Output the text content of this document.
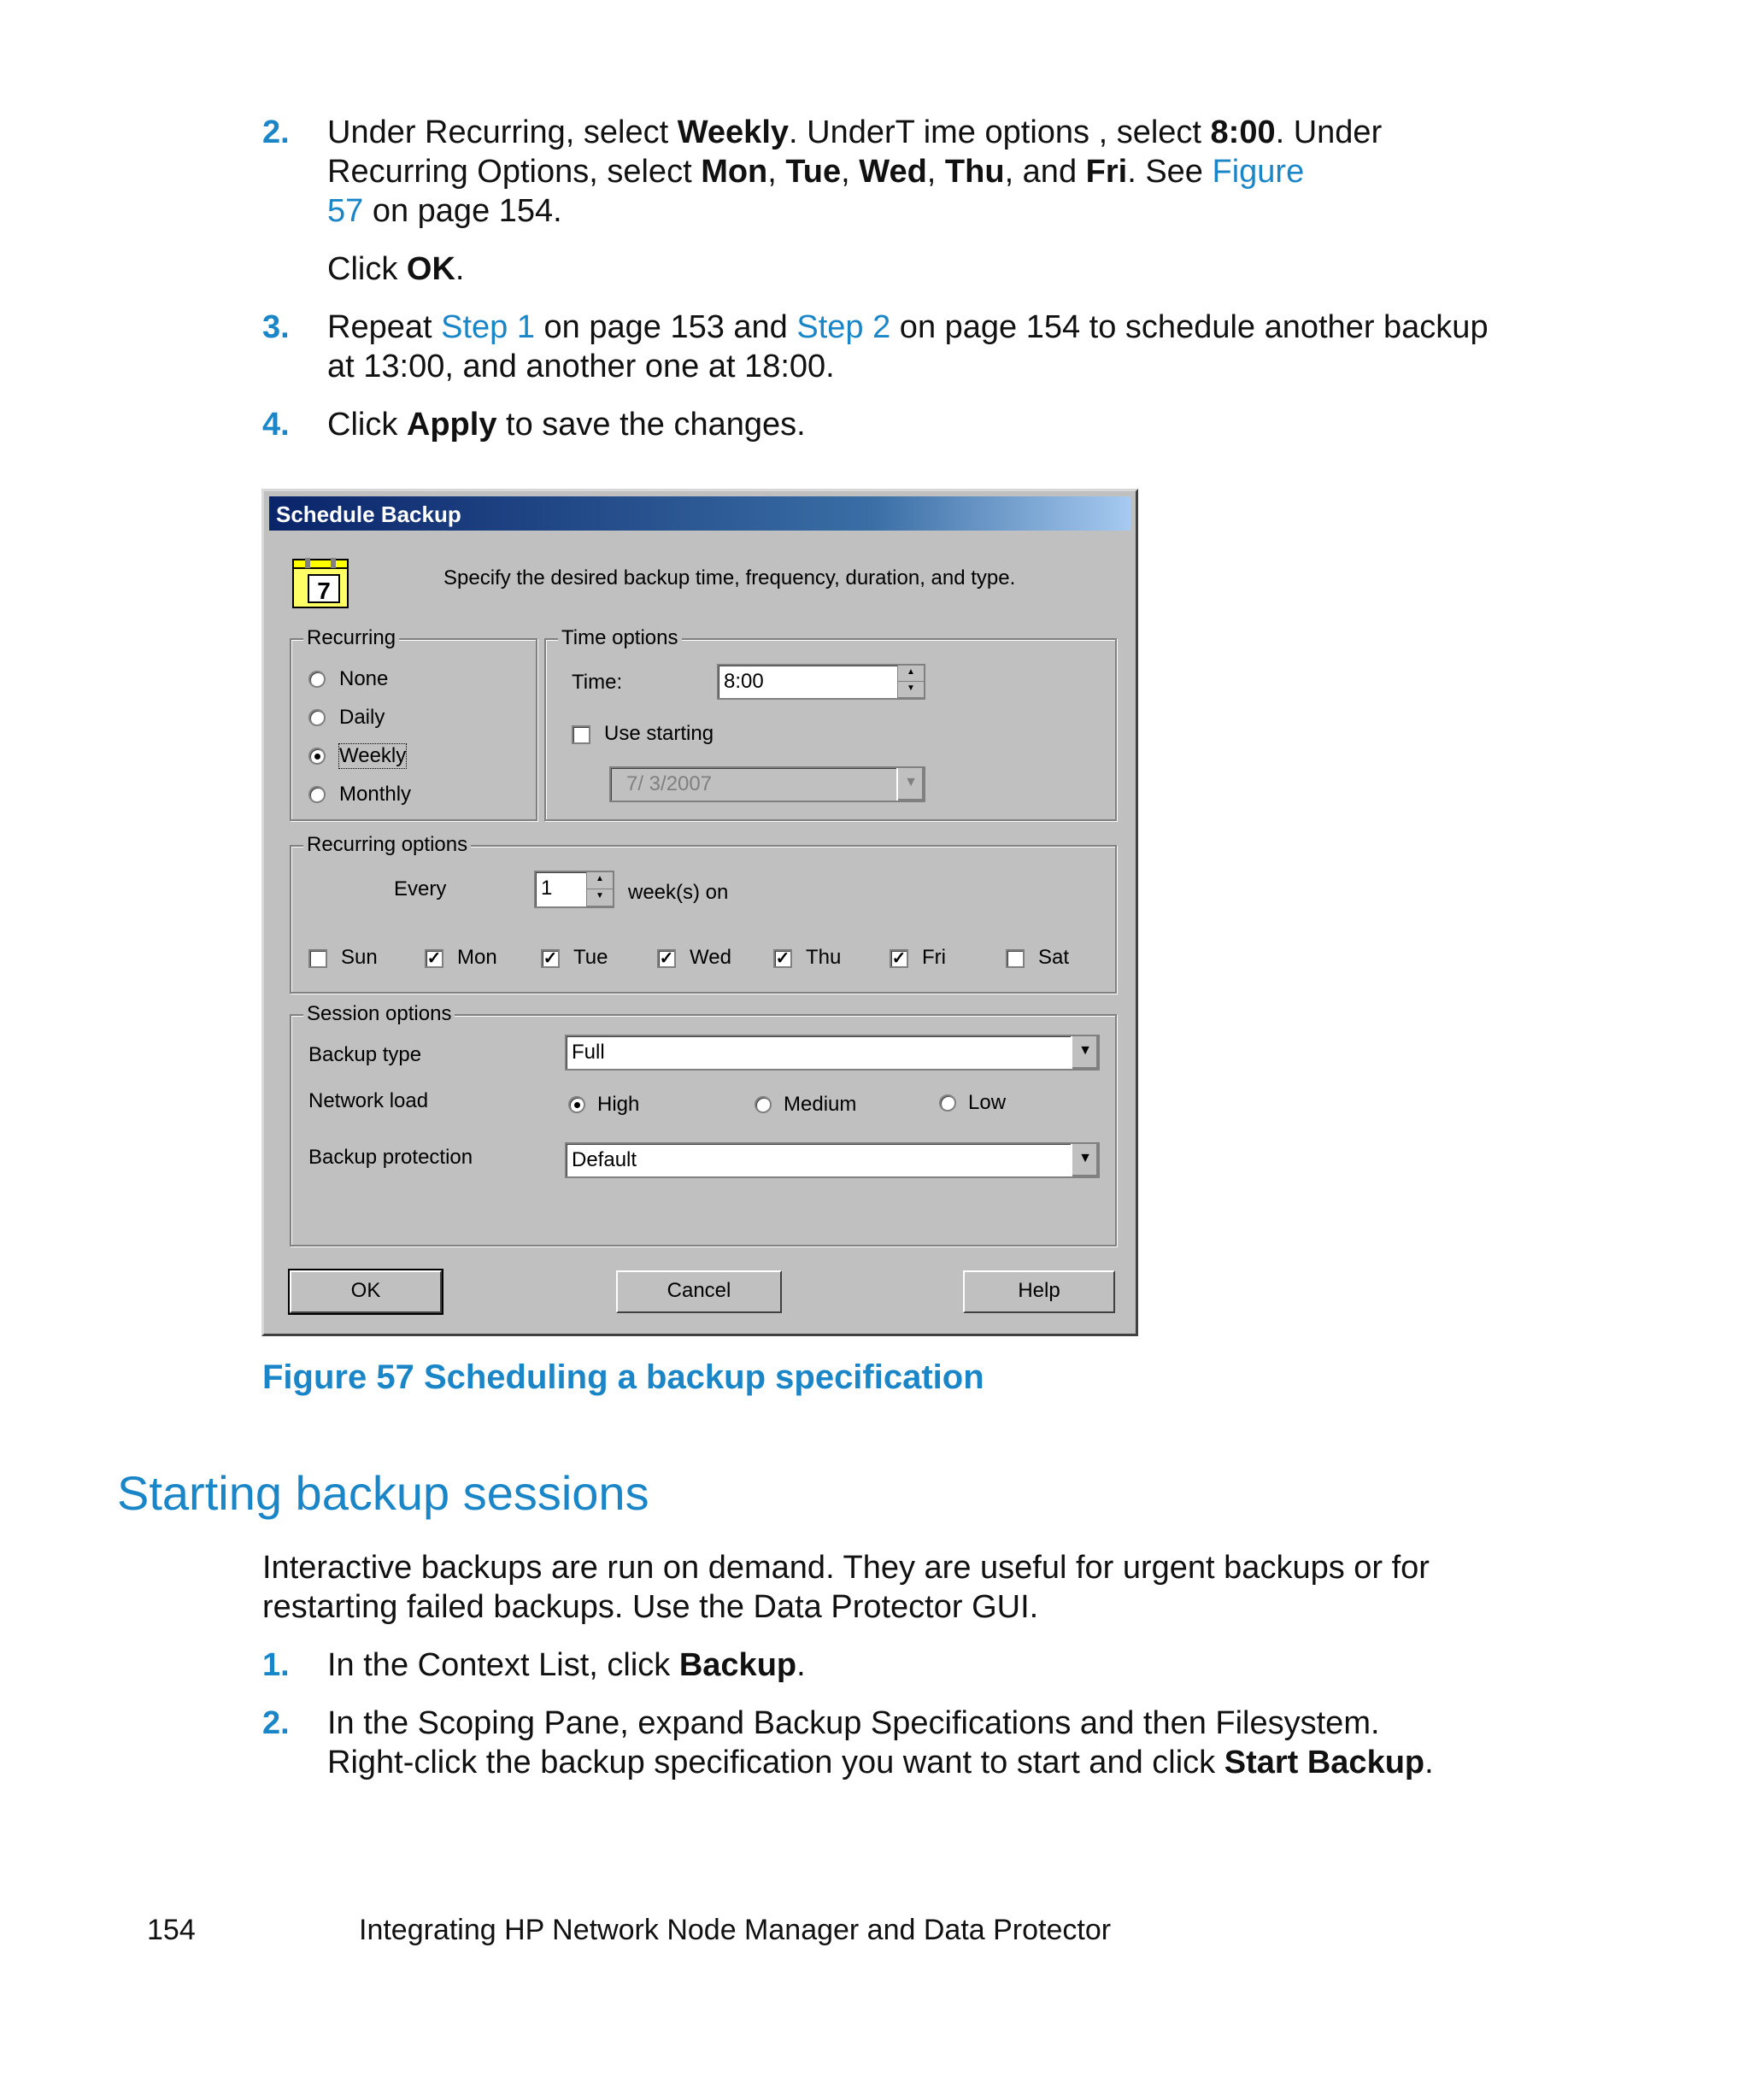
2. Under Recurring, select Weekly. UnderT ime options , select 8:00. Under
Recurring Options, select Mon, Tue, Wed, Thu, and Fri. See Figure
57 on page 154.
Click OK.
3. Repeat Step 1 on page 153 and Step 2 on page 154 to schedule another backup
at 13:00, and another one at 18:00.
4. Click Apply to save the changes.
Schedule Backup
7	Specify the desired backup time, frequency, duration, and type.
Recurring
None
Daily
Weekly
Monthly
Time options
Time:	8:00	▲
▼
Use starting
7/ 3/2007	▼
Recurring options
Every	1	▲
▼	week(s) on
Sun	✓ Mon	✓ Tue	✓ Wed	✓ Thu	✓ Fri	Sat
Session options
Backup type	Full	▼
Network load	High	Medium	Low
Backup protection	Default	▼
OK	Cancel	Help
Figure 57 Scheduling a backup specification
Starting backup sessions
Interactive backups are run on demand. They are useful for urgent backups or for
restarting failed backups. Use the Data Protector GUI.
1. In the Context List, click Backup.
2. In the Scoping Pane, expand Backup Specifications and then Filesystem.
Right-click the backup specification you want to start and click Start Backup.
154	Integrating HP Network Node Manager and Data Protector
